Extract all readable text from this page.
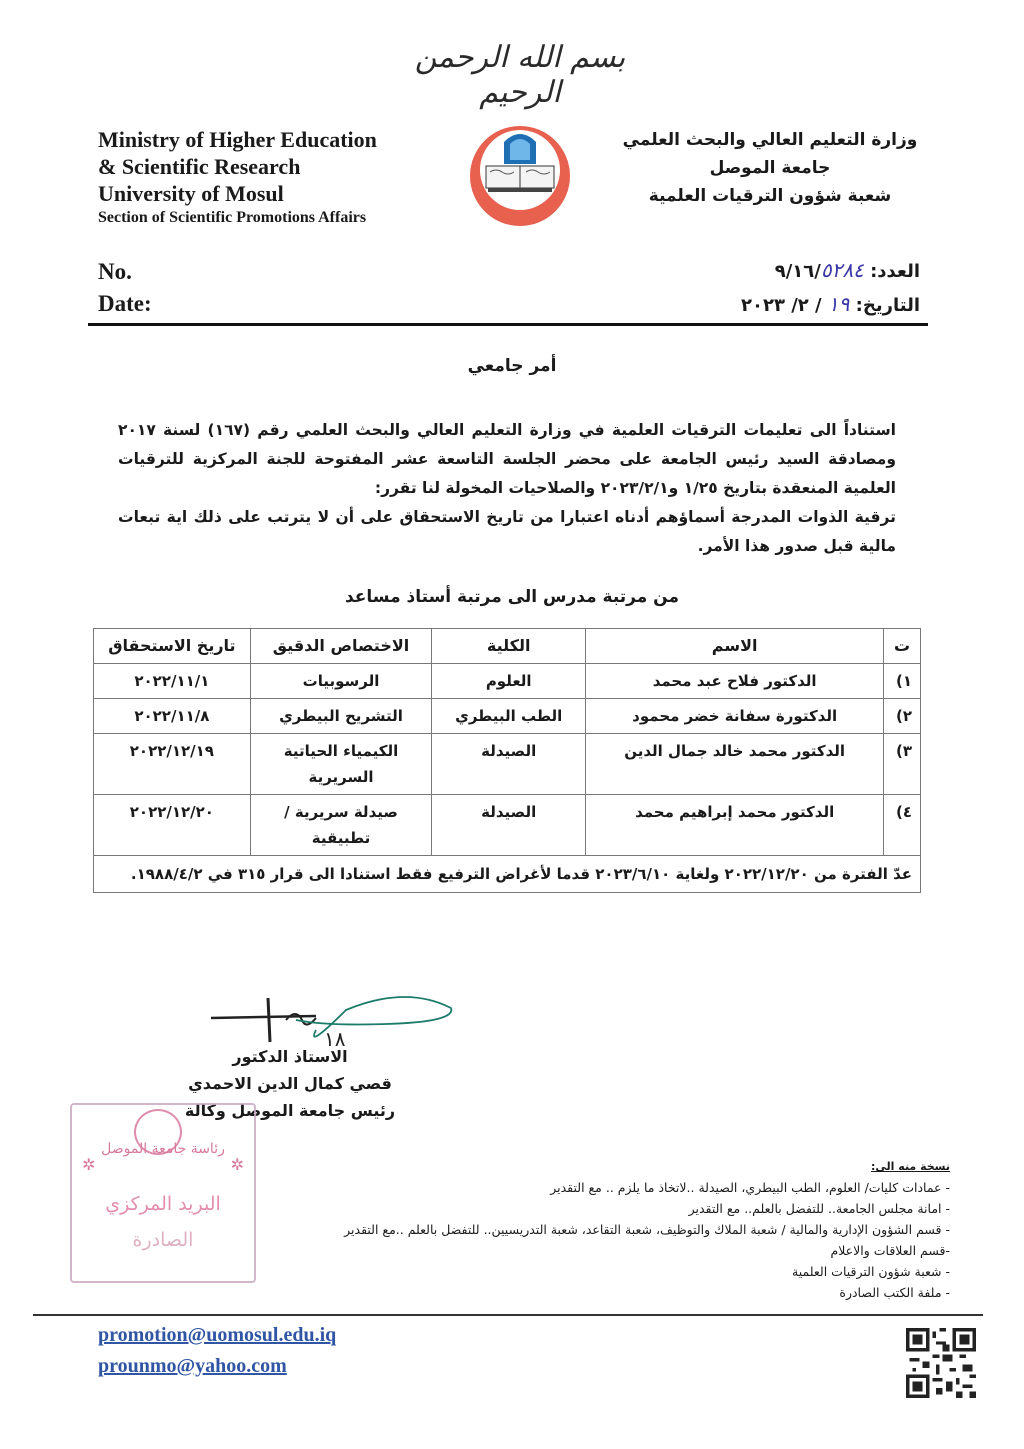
بسم الله الرحمن الرحيم
Ministry of Higher Education
& Scientific Research
University of Mosul
Section of Scientific Promotions Affairs
وزارة التعليم العالي والبحث العلمي
جامعة الموصل
شعبة شؤون الترقيات العلمية
No.
Date:
العدد: ٩/١٦/٥٢٨٤
التاريخ: ١٩ / ٢/ ٢٠٢٣
أمر جامعي

استناداً الى تعليمات الترقيات العلمية في وزارة التعليم العالي والبحث العلمي رقم (١٦٧) لسنة ٢٠١٧ ومصادقة السيد رئيس الجامعة على محضر الجلسة التاسعة عشر المفتوحة للجنة المركزية للترقيات العلمية المنعقدة بتاريخ ١/٢٥ و٢٠٢٣/٢/١ والصلاحيات المخولة لنا تقرر:

ترقية الذوات المدرجة أسماؤهم أدناه اعتبارا من تاريخ الاستحقاق على أن لا يترتب على ذلك اية تبعات مالية قبل صدور هذا الأمر.

من مرتبة مدرس الى مرتبة أستاذ مساعد
ت	الاسم	الكلية	الاختصاص الدقيق	تاريخ الاستحقاق
١)	الدكتور فلاح عبد محمد	العلوم	الرسوبيات	٢٠٢٢/١١/١
٢)	الدكتورة سفانة خضر محمود	الطب البيطري	التشريح البيطري	٢٠٢٢/١١/٨
٣)	الدكتور محمد خالد جمال الدين	الصيدلة	الكيمياء الحياتية السريرية	٢٠٢٢/١٢/١٩
٤)	الدكتور محمد إبراهيم محمد	الصيدلة	صيدلة سريرية /تطبيقية	٢٠٢٢/١٢/٢٠
عدّ الفترة من ٢٠٢٢/١٢/٢٠ ولغاية ٢٠٢٣/٦/١٠ قدما لأغراض الترفيع فقط استنادا الى قرار ٣١٥ في ١٩٨٨/٤/٢.				
١٨
الاستاذ الدكتور
قصي كمال الدين الاحمدي
رئيس جامعة الموصل وكالة
✲	✲
رئاسة جامعة الموصل
البريد المركزي
الصادرة
نسخة منه الى:
- عمادات كليات/ العلوم، الطب البيطري، الصيدلة ..لاتخاذ ما يلزم .. مع التقدير
- امانة مجلس الجامعة.. للتفضل بالعلم.. مع التقدير
- قسم الشؤون الإدارية والمالية / شعبة الملاك والتوظيف، شعبة التقاعد، شعبة التدريسيين.. للتفضل بالعلم ..مع التقدير
-قسم العلاقات والاعلام
- شعبة شؤون الترقيات العلمية
- ملفة الكتب الصادرة
promotion@uomosul.edu.iq
prounmo@yahoo.com
